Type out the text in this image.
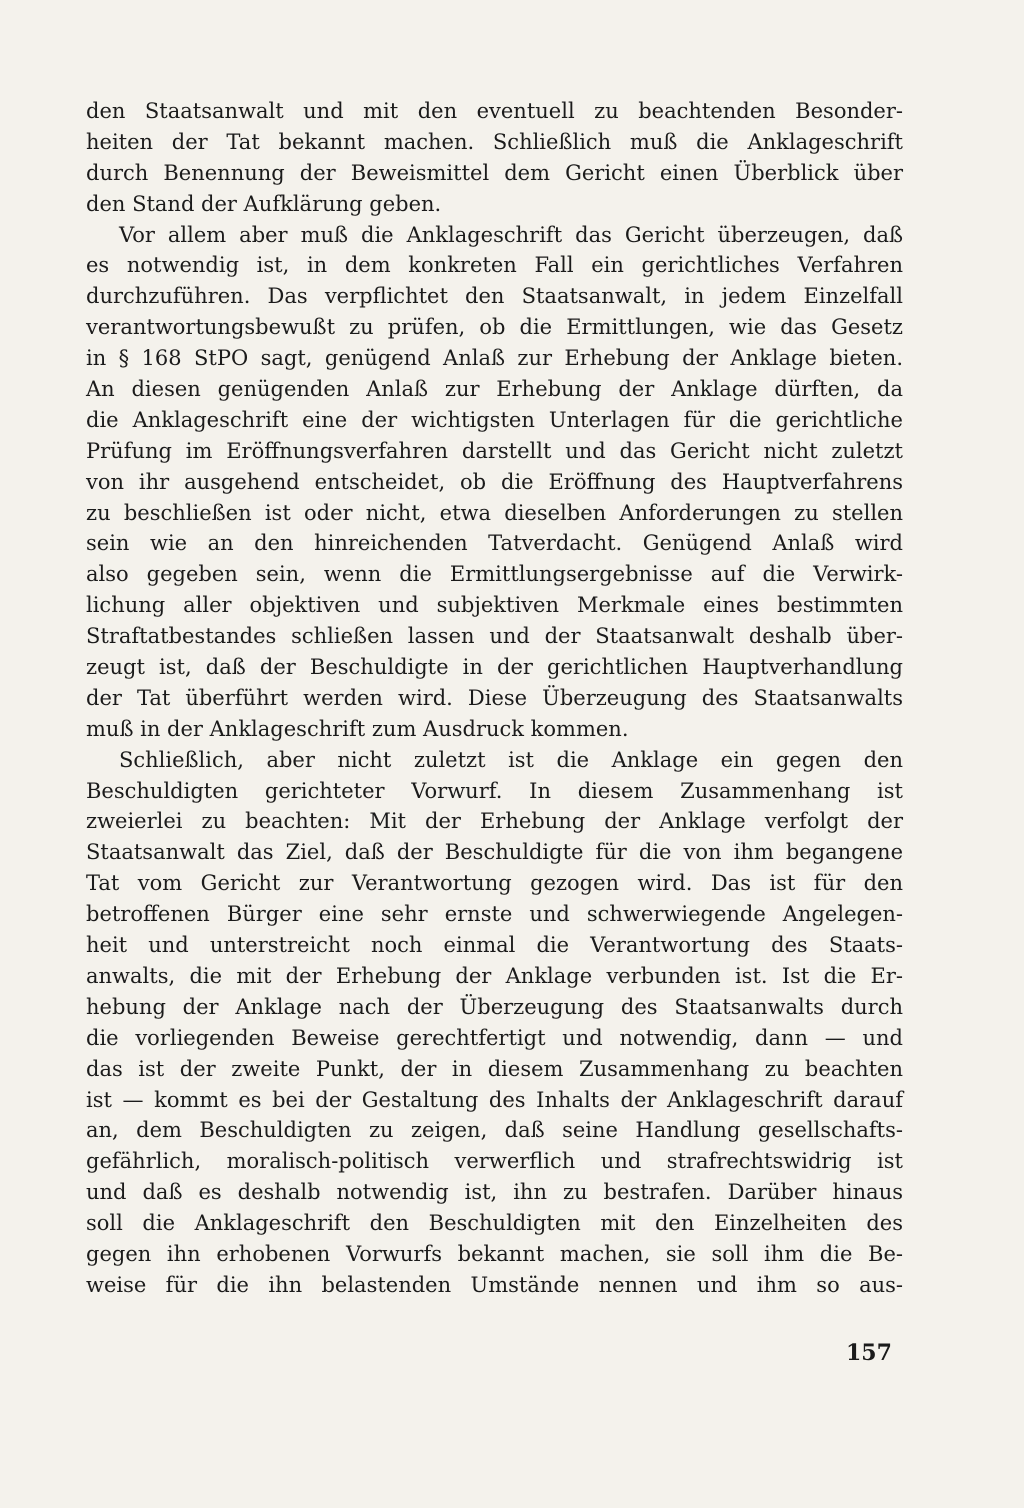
den Staatsanwalt und mit den eventuell zu beachtenden Besonder-
heiten der Tat bekannt machen. Schließlich muß die Anklageschrift
durch Benennung der Beweismittel dem Gericht einen Überblick über
den Stand der Aufklärung geben.
Vor allem aber muß die Anklageschrift das Gericht überzeugen, daß
es notwendig ist, in dem konkreten Fall ein gerichtliches Verfahren
durchzuführen. Das verpflichtet den Staatsanwalt, in jedem Einzelfall
verantwortungsbewußt zu prüfen, ob die Ermittlungen, wie das Gesetz
in § 168 StPO sagt, genügend Anlaß zur Erhebung der Anklage bieten.
An diesen genügenden Anlaß zur Erhebung der Anklage dürften, da
die Anklageschrift eine der wichtigsten Unterlagen für die gerichtliche
Prüfung im Eröffnungsverfahren darstellt und das Gericht nicht zuletzt
von ihr ausgehend entscheidet, ob die Eröffnung des Hauptverfahrens
zu beschließen ist oder nicht, etwa dieselben Anforderungen zu stellen
sein wie an den hinreichenden Tatverdacht. Genügend Anlaß wird
also gegeben sein, wenn die Ermittlungsergebnisse auf die Verwirk-
lichung aller objektiven und subjektiven Merkmale eines bestimmten
Straftatbestandes schließen lassen und der Staatsanwalt deshalb über-
zeugt ist, daß der Beschuldigte in der gerichtlichen Hauptverhandlung
der Tat überführt werden wird. Diese Überzeugung des Staatsanwalts
muß in der Anklageschrift zum Ausdruck kommen.
Schließlich, aber nicht zuletzt ist die Anklage ein gegen den
Beschuldigten gerichteter Vorwurf. In diesem Zusammenhang ist
zweierlei zu beachten: Mit der Erhebung der Anklage verfolgt der
Staatsanwalt das Ziel, daß der Beschuldigte für die von ihm begangene
Tat vom Gericht zur Verantwortung gezogen wird. Das ist für den
betroffenen Bürger eine sehr ernste und schwerwiegende Angelegen-
heit und unterstreicht noch einmal die Verantwortung des Staats-
anwalts, die mit der Erhebung der Anklage verbunden ist. Ist die Er-
hebung der Anklage nach der Überzeugung des Staatsanwalts durch
die vorliegenden Beweise gerechtfertigt und notwendig, dann — und
das ist der zweite Punkt, der in diesem Zusammenhang zu beachten
ist — kommt es bei der Gestaltung des Inhalts der Anklageschrift darauf
an, dem Beschuldigten zu zeigen, daß seine Handlung gesellschafts-
gefährlich, moralisch-politisch verwerflich und strafrechtswidrig ist
und daß es deshalb notwendig ist, ihn zu bestrafen. Darüber hinaus
soll die Anklageschrift den Beschuldigten mit den Einzelheiten des
gegen ihn erhobenen Vorwurfs bekannt machen, sie soll ihm die Be-
weise für die ihn belastenden Umstände nennen und ihm so aus-
157
